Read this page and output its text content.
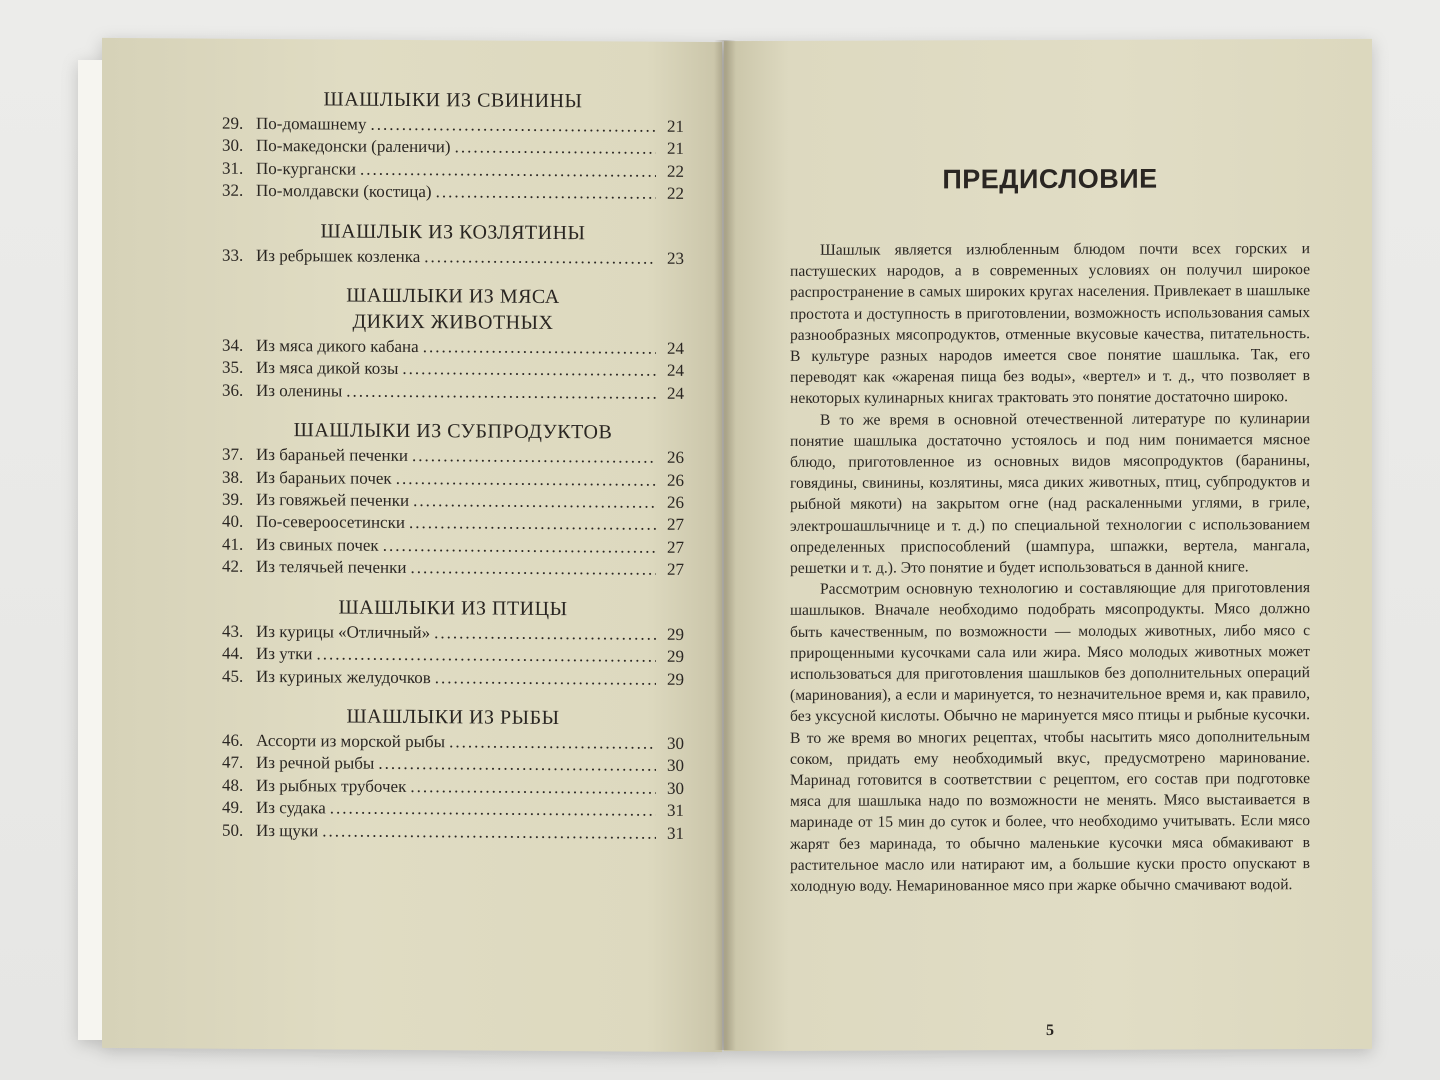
ШАШЛЫКИ ИЗ СВИНИНЫ
29. По-домашнему .....	21
30. По-македонски (раленичи) .....	21
31. По-кургански .....	22
32. По-молдавски (костица) .....	22
ШАШЛЫК ИЗ КОЗЛЯТИНЫ
33. Из ребрышек козленка .....	23
ШАШЛЫКИ ИЗ МЯСА
ДИКИХ ЖИВОТНЫХ
34. Из мяса дикого кабана .....	24
35. Из мяса дикой козы .....	24
36. Из оленины .....	24
ШАШЛЫКИ ИЗ СУБПРОДУКТОВ
37. Из бараньей печенки .....	26
38. Из бараньих почек .....	26
39. Из говяжьей печенки .....	26
40. По-североосетински .....	27
41. Из свиных почек .....	27
42. Из телячьей печенки .....	27
ШАШЛЫКИ ИЗ ПТИЦЫ
43. Из курицы «Отличный» .....	29
44. Из утки .....	29
45. Из куриных желудочков .....	29
ШАШЛЫКИ ИЗ РЫБЫ
46. Ассорти из морской рыбы .....	30
47. Из речной рыбы .....	30
48. Из рыбных трубочек .....	30
49. Из судака .....	31
50. Из щуки .....	31
ПРЕДИСЛОВИЕ

Шашлык является излюбленным блюдом почти всех горских и пастушеских народов, а в современных условиях он получил широкое распространение в самых широких кругах населения. Привлекает в шашлыке простота и доступность в приготовлении, возможность использования самых разнообразных мясопродуктов, отменные вкусовые качества, питательность. В культуре разных народов имеется свое понятие шашлыка. Так, его переводят как «жареная пища без воды», «вертел» и т. д., что позволяет в некоторых кулинарных книгах трактовать это понятие достаточно широко.

В то же время в основной отечественной литературе по кулинарии понятие шашлыка достаточно устоялось и под ним понимается мясное блюдо, приготовленное из основных видов мясопродуктов (баранины, говядины, свинины, козлятины, мяса диких животных, птиц, субпродуктов и рыбной мякоти) на закрытом огне (над раскаленными углями, в гриле, электрошашлычнице и т. д.) по специальной технологии с использованием определенных приспособлений (шампура, шпажки, вертела, мангала, решетки и т. д.). Это понятие и будет использоваться в данной книге.

Рассмотрим основную технологию и составляющие для приготовления шашлыков. Вначале необходимо подобрать мясопродукты. Мясо должно быть качественным, по возможности — молодых животных, либо мясо с прирощенными кусочками сала или жира. Мясо молодых животных может использоваться для приготовления шашлыков без дополнительных операций (маринования), а если и маринуется, то незначительное время и, как правило, без уксусной кислоты. Обычно не маринуется мясо птицы и рыбные кусочки. В то же время во многих рецептах, чтобы насытить мясо дополнительным соком, придать ему необходимый вкус, предусмотрено маринование. Маринад готовится в соответствии с рецептом, его состав при подготовке мяса для шашлыка надо по возможности не менять. Мясо выстаивается в маринаде от 15 мин до суток и более, что необходимо учитывать. Если мясо жарят без маринада, то обычно маленькие кусочки мяса обмакивают в растительное масло или натирают им, а большие куски просто опускают в холодную воду. Немаринованное мясо при жарке обычно смачивают водой.

5
